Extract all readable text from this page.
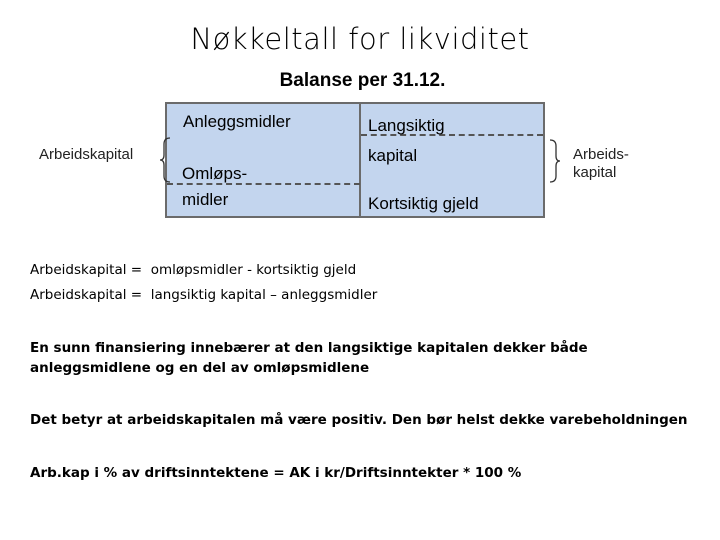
Nøkkeltall for likviditet
Balanse per 31.12.
Anleggsmidler
Omløps-
midler
Langsiktig
kapital
Kortsiktig gjeld
Arbeidskapital	Arbeids-
kapital
Arbeidskapital =  omløpsmidler - kortsiktig gjeld
Arbeidskapital =  langsiktig kapital – anleggsmidler
En sunn finansiering innebærer at den langsiktige kapitalen dekker både anleggsmidlene og en del av omløpsmidlene
Det betyr at arbeidskapitalen må være positiv. Den bør helst dekke varebeholdningen
Arb.kap i % av driftsinntektene = AK i kr/Driftsinntekter * 100 %
